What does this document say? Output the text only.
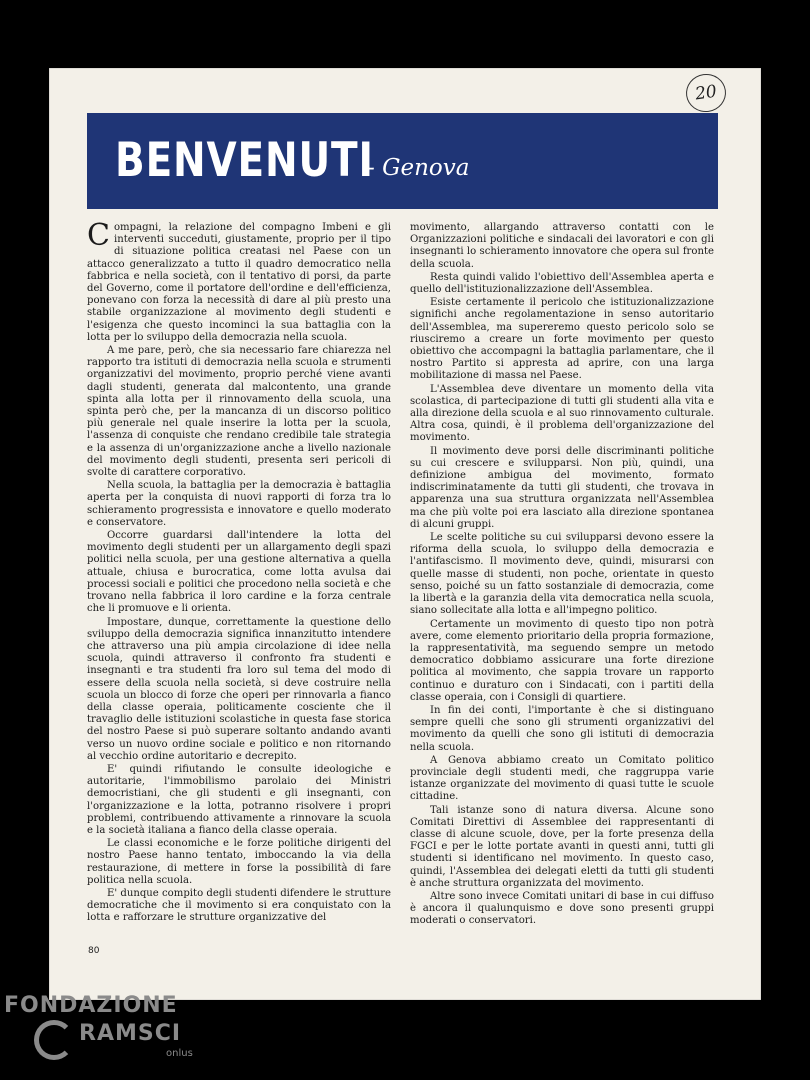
20
BENVENUTI
- Genova

Compagni, la relazione del compagno Imbeni e gli interventi succeduti, giustamente, proprio per il tipo di situazione politica creatasi nel Paese con un attacco generalizzato a tutto il quadro democratico nella fabbrica e nella società, con il tentativo di porsi, da parte del Governo, come il portatore dell'ordine e dell'efficienza, ponevano con forza la necessità di dare al più presto una stabile organizzazione al movimento degli studenti e l'esigenza che questo incominci la sua battaglia con la lotta per lo sviluppo della democrazia nella scuola.

A me pare, però, che sia necessario fare chiarezza nel rapporto tra istituti di democrazia nella scuola e strumenti organizzativi del movimento, proprio perché viene avanti dagli studenti, generata dal malcontento, una grande spinta alla lotta per il rinnovamento della scuola, una spinta però che, per la mancanza di un discorso politico più generale nel quale inserire la lotta per la scuola, l'assenza di conquiste che rendano credibile tale strategia e la assenza di un'organizzazione anche a livello nazionale del movimento degli studenti, presenta seri pericoli di svolte di carattere corporativo.

Nella scuola, la battaglia per la democrazia è battaglia aperta per la conquista di nuovi rapporti di forza tra lo schieramento progressista e innovatore e quello moderato e conservatore.

Occorre guardarsi dall'intendere la lotta del movimento degli studenti per un allargamento degli spazi politici nella scuola, per una gestione alternativa a quella attuale, chiusa e burocratica, come lotta avulsa dai processi sociali e politici che procedono nella società e che trovano nella fabbrica il loro cardine e la forza centrale che li promuove e li orienta.

Impostare, dunque, correttamente la questione dello sviluppo della democrazia significa innanzitutto intendere che attraverso una più ampia circolazione di idee nella scuola, quindi attraverso il confronto fra studenti e insegnanti e tra studenti fra loro sul tema del modo di essere della scuola nella società, si deve costruire nella scuola un blocco di forze che operi per rinnovarla a fianco della classe operaia, politicamente cosciente che il travaglio delle istituzioni scolastiche in questa fase storica del nostro Paese si può superare soltanto andando avanti verso un nuovo ordine sociale e politico e non ritornando al vecchio ordine autoritario e decrepito.

E' quindi rifiutando le consulte ideologiche e autoritarie, l'immobilismo parolaio dei Ministri democristiani, che gli studenti e gli insegnanti, con l'organizzazione e la lotta, potranno risolvere i propri problemi, contribuendo attivamente a rinnovare la scuola e la società italiana a fianco della classe operaia.

Le classi economiche e le forze politiche dirigenti del nostro Paese hanno tentato, imboccando la via della restaurazione, di mettere in forse la possibilità di fare politica nella scuola.

E' dunque compito degli studenti difendere le strutture democratiche che il movimento si era conquistato con la lotta e rafforzare le strutture organizzative del

movimento, allargando attraverso contatti con le Organizzazioni politiche e sindacali dei lavoratori e con gli insegnanti lo schieramento innovatore che opera sul fronte della scuola.

Resta quindi valido l'obiettivo dell'Assemblea aperta e quello dell'istituzionalizzazione dell'Assemblea.

Esiste certamente il pericolo che istituzionalizzazione significhi anche regolamentazione in senso autoritario dell'Assemblea, ma supereremo questo pericolo solo se riusciremo a creare un forte movimento per questo obiettivo che accompagni la battaglia parlamentare, che il nostro Partito si appresta ad aprire, con una larga mobilitazione di massa nel Paese.

L'Assemblea deve diventare un momento della vita scolastica, di partecipazione di tutti gli studenti alla vita e alla direzione della scuola e al suo rinnovamento culturale. Altra cosa, quindi, è il problema dell'organizzazione del movimento.

Il movimento deve porsi delle discriminanti politiche su cui crescere e svilupparsi. Non più, quindi, una definizione ambigua del movimento, formato indiscriminatamente da tutti gli studenti, che trovava in apparenza una sua struttura organizzata nell'Assemblea ma che più volte poi era lasciato alla direzione spontanea di alcuni gruppi.

Le scelte politiche su cui svilupparsi devono essere la riforma della scuola, lo sviluppo della democrazia e l'antifascismo. Il movimento deve, quindi, misurarsi con quelle masse di studenti, non poche, orientate in questo senso, poiché su un fatto sostanziale di democrazia, come la libertà e la garanzia della vita democratica nella scuola, siano sollecitate alla lotta e all'impegno politico.

Certamente un movimento di questo tipo non potrà avere, come elemento prioritario della propria formazione, la rappresentatività, ma seguendo sempre un metodo democratico dobbiamo assicurare una forte direzione politica al movimento, che sappia trovare un rapporto continuo e duraturo con i Sindacati, con i partiti della classe operaia, con i Consigli di quartiere.

In fin dei conti, l'importante è che si distinguano sempre quelli che sono gli strumenti organizzativi del movimento da quelli che sono gli istituti di democrazia nella scuola.

A Genova abbiamo creato un Comitato politico provinciale degli studenti medi, che raggruppa varie istanze organizzate del movimento di quasi tutte le scuole cittadine.

Tali istanze sono di natura diversa. Alcune sono Comitati Direttivi di Assemblee dei rappresentanti di classe di alcune scuole, dove, per la forte presenza della FGCI e per le lotte portate avanti in questi anni, tutti gli studenti si identificano nel movimento. In questo caso, quindi, l'Assemblea dei delegati eletti da tutti gli studenti è anche struttura organizzata del movimento.

Altre sono invece Comitati unitari di base in cui diffuso è ancora il qualunquismo e dove sono presenti gruppi moderati o conservatori.

80
FONDAZIONE
RAMSCI
onlus
